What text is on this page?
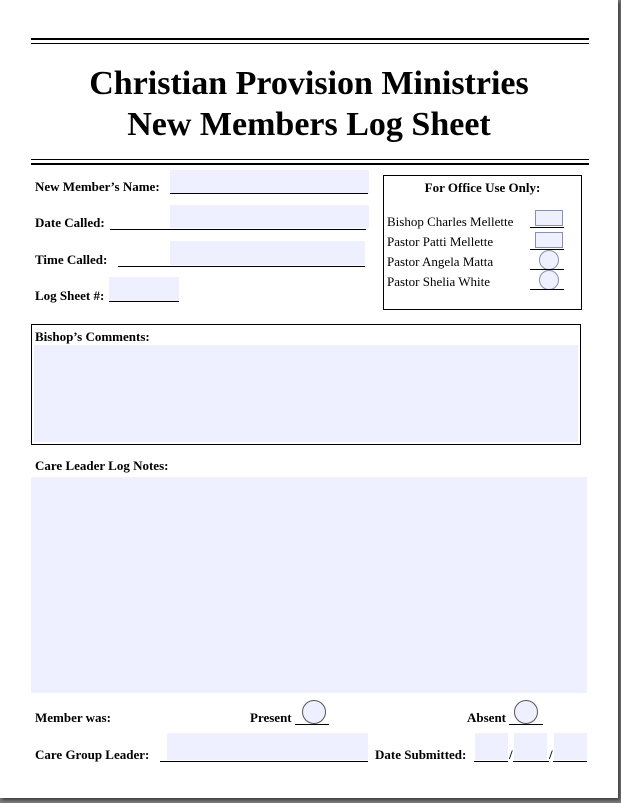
Christian Provision Ministries
New Members Log Sheet
New Member’s Name:
Date Called:
Time Called:
Log Sheet #:
For Office Use Only:
Bishop Charles Mellette
Pastor Patti Mellette
Pastor Angela Matta
Pastor Shelia White
Bishop’s Comments:
Care Leader Log Notes:
Member was:	Present	Absent
Care Group Leader:	Date Submitted:	/	/
